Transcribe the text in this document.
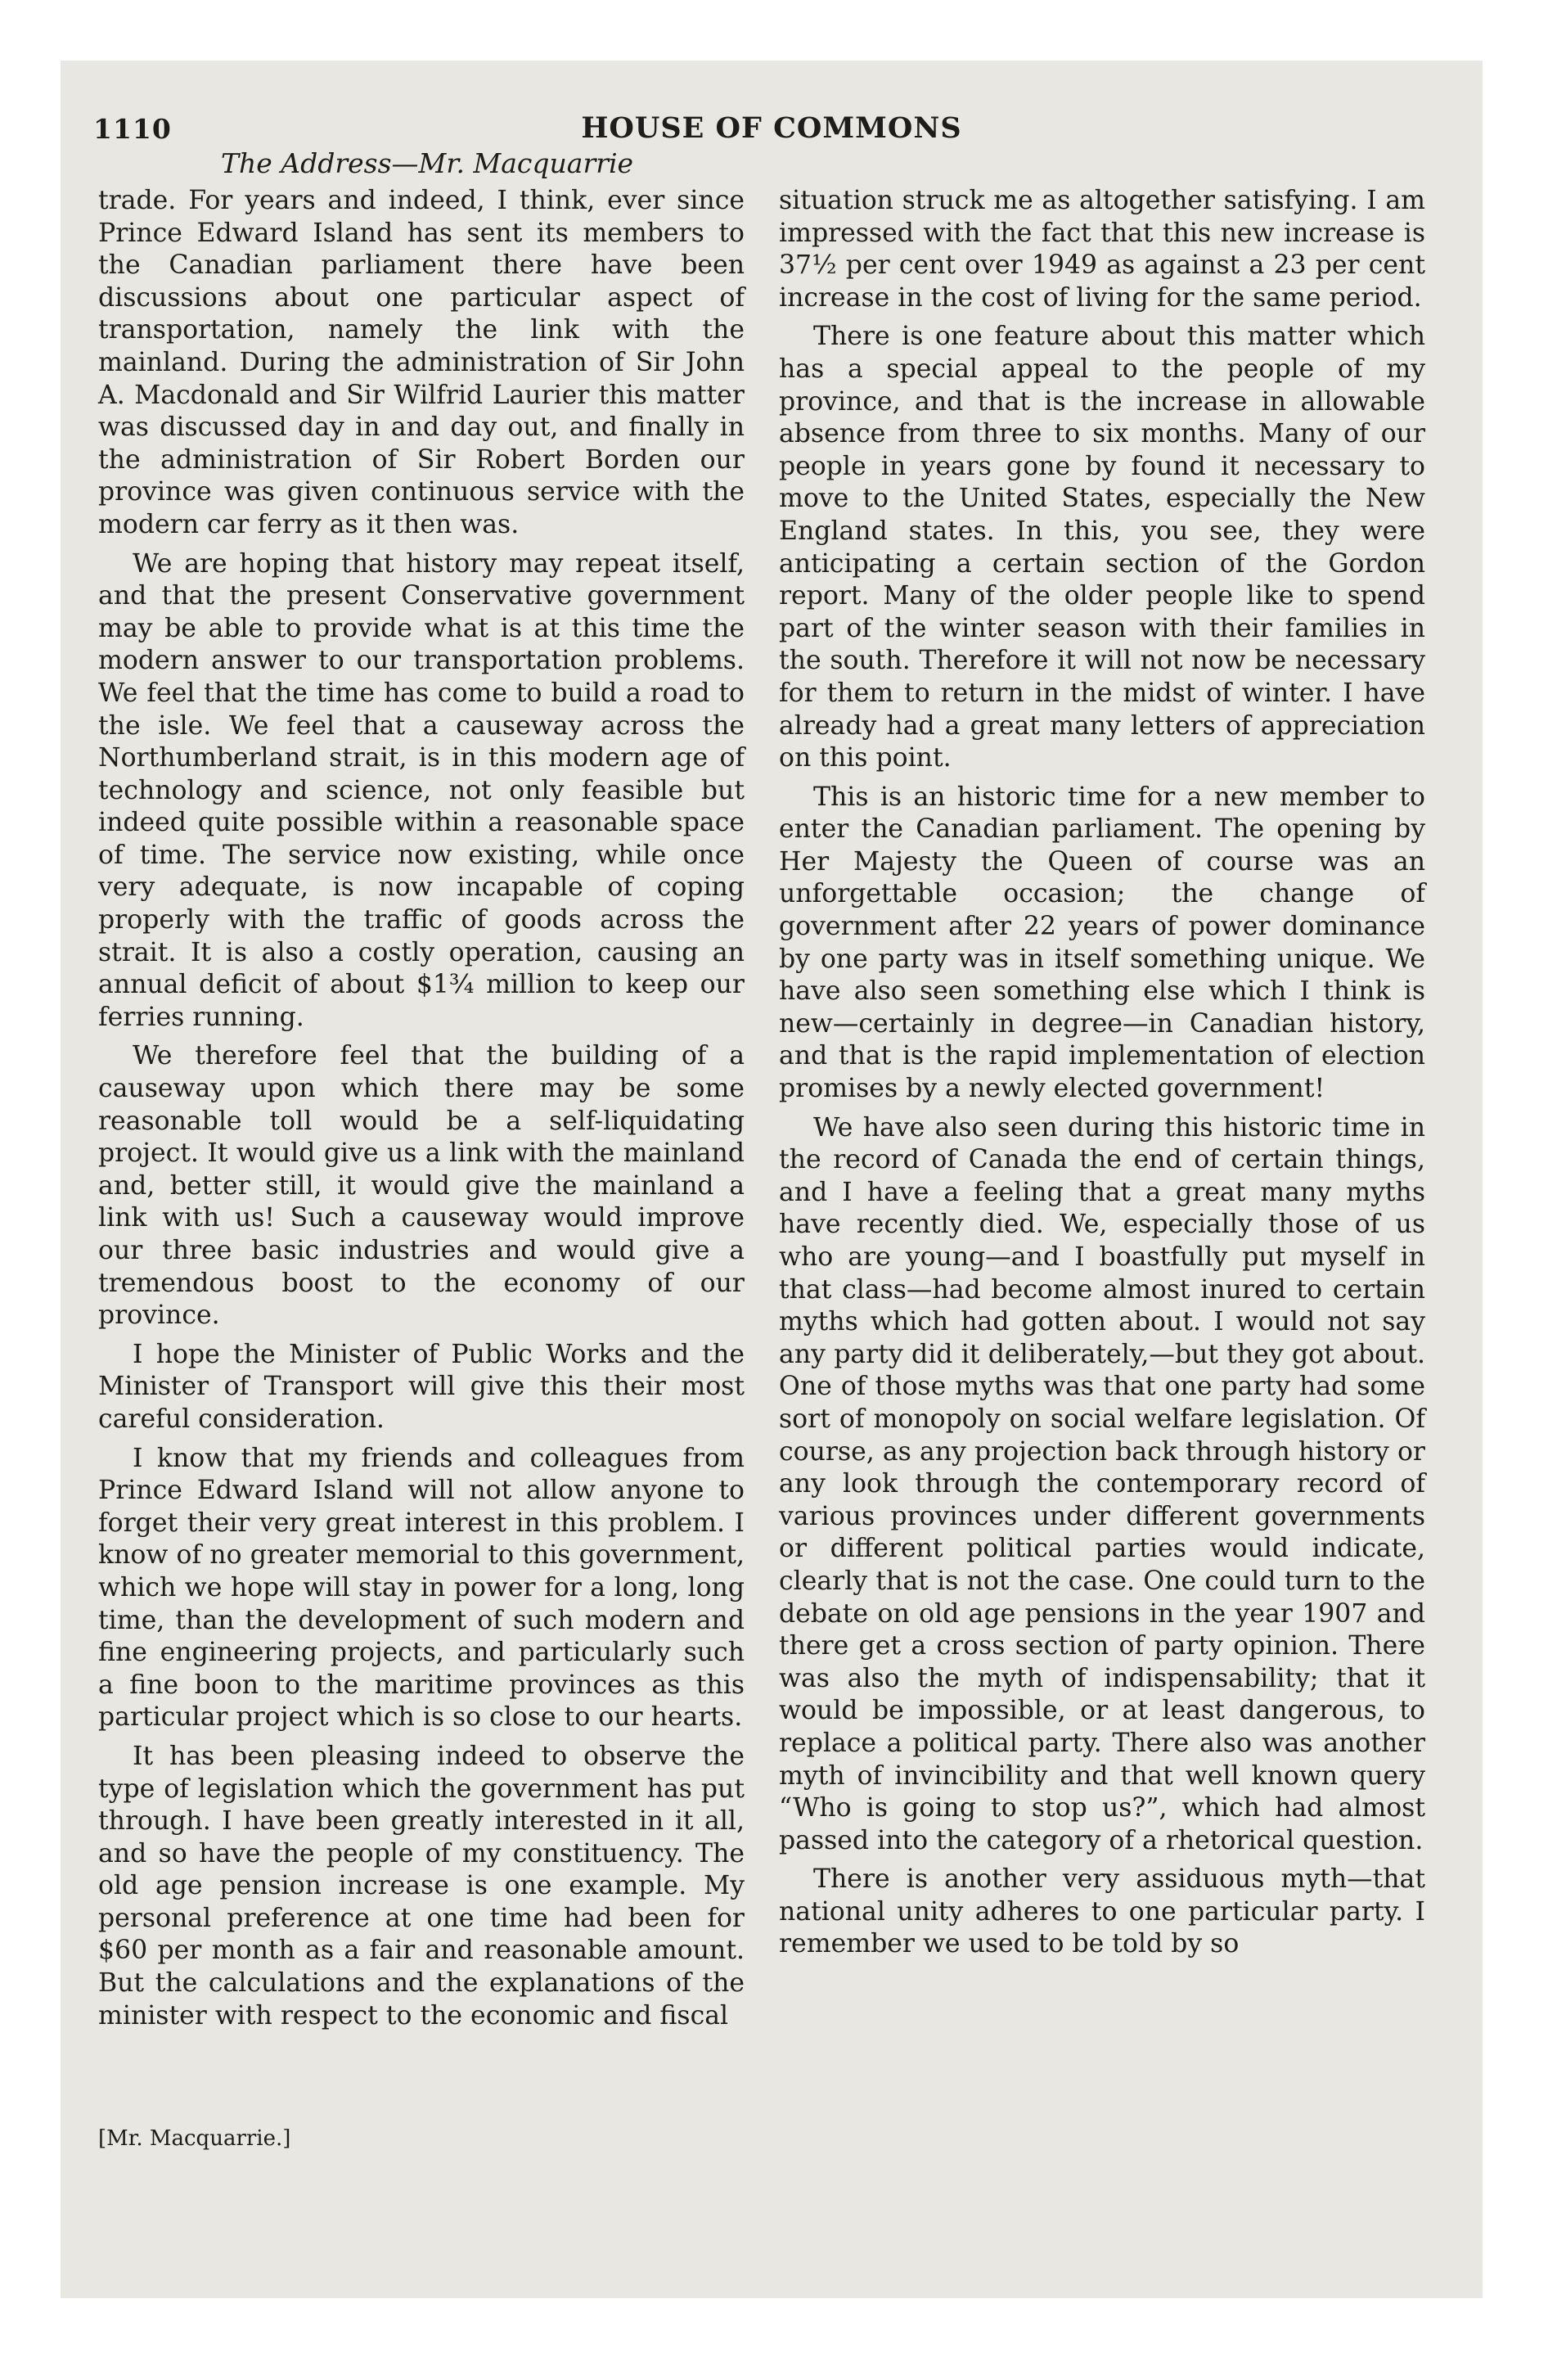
1110	HOUSE OF COMMONS
The Address—Mr. Macquarrie

trade. For years and indeed, I think, ever since Prince Edward Island has sent its members to the Canadian parliament there have been discussions about one particular aspect of transportation, namely the link with the mainland. During the administration of Sir John A. Macdonald and Sir Wilfrid Laurier this matter was discussed day in and day out, and finally in the administration of Sir Robert Borden our province was given continuous service with the modern car ferry as it then was.

We are hoping that history may repeat itself, and that the present Conservative government may be able to provide what is at this time the modern answer to our transportation problems. We feel that the time has come to build a road to the isle. We feel that a causeway across the Northumberland strait, is in this modern age of technology and science, not only feasible but indeed quite possible within a reasonable space of time. The service now existing, while once very adequate, is now incapable of coping properly with the traffic of goods across the strait. It is also a costly operation, causing an annual deficit of about $1¾ million to keep our ferries running.

We therefore feel that the building of a causeway upon which there may be some reasonable toll would be a self-liquidating project. It would give us a link with the mainland and, better still, it would give the mainland a link with us! Such a causeway would improve our three basic industries and would give a tremendous boost to the economy of our province.

I hope the Minister of Public Works and the Minister of Transport will give this their most careful consideration.

I know that my friends and colleagues from Prince Edward Island will not allow anyone to forget their very great interest in this problem. I know of no greater memorial to this government, which we hope will stay in power for a long, long time, than the development of such modern and fine engineering projects, and particularly such a fine boon to the maritime provinces as this particular project which is so close to our hearts.

It has been pleasing indeed to observe the type of legislation which the government has put through. I have been greatly interested in it all, and so have the people of my constituency. The old age pension increase is one example. My personal preference at one time had been for $60 per month as a fair and reasonable amount. But the calculations and the explanations of the minister with respect to the economic and fiscal

situation struck me as altogether satisfying. I am impressed with the fact that this new increase is 37½ per cent over 1949 as against a 23 per cent increase in the cost of living for the same period.

There is one feature about this matter which has a special appeal to the people of my province, and that is the increase in allowable absence from three to six months. Many of our people in years gone by found it necessary to move to the United States, especially the New England states. In this, you see, they were anticipating a certain section of the Gordon report. Many of the older people like to spend part of the winter season with their families in the south. Therefore it will not now be necessary for them to return in the midst of winter. I have already had a great many letters of appreciation on this point.

This is an historic time for a new member to enter the Canadian parliament. The opening by Her Majesty the Queen of course was an unforgettable occasion; the change of government after 22 years of power dominance by one party was in itself something unique. We have also seen something else which I think is new—certainly in degree—in Canadian history, and that is the rapid implementation of election promises by a newly elected government!

We have also seen during this historic time in the record of Canada the end of certain things, and I have a feeling that a great many myths have recently died. We, especially those of us who are young—and I boastfully put myself in that class—had become almost inured to certain myths which had gotten about. I would not say any party did it deliberately,—but they got about. One of those myths was that one party had some sort of monopoly on social welfare legislation. Of course, as any projection back through history or any look through the contemporary record of various provinces under different governments or different political parties would indicate, clearly that is not the case. One could turn to the debate on old age pensions in the year 1907 and there get a cross section of party opinion. There was also the myth of indispensability; that it would be impossible, or at least dangerous, to replace a political party. There also was another myth of invincibility and that well known query “Who is going to stop us?”, which had almost passed into the category of a rhetorical question.

There is another very assiduous myth—that national unity adheres to one particular party. I remember we used to be told by so

[Mr. Macquarrie.]
